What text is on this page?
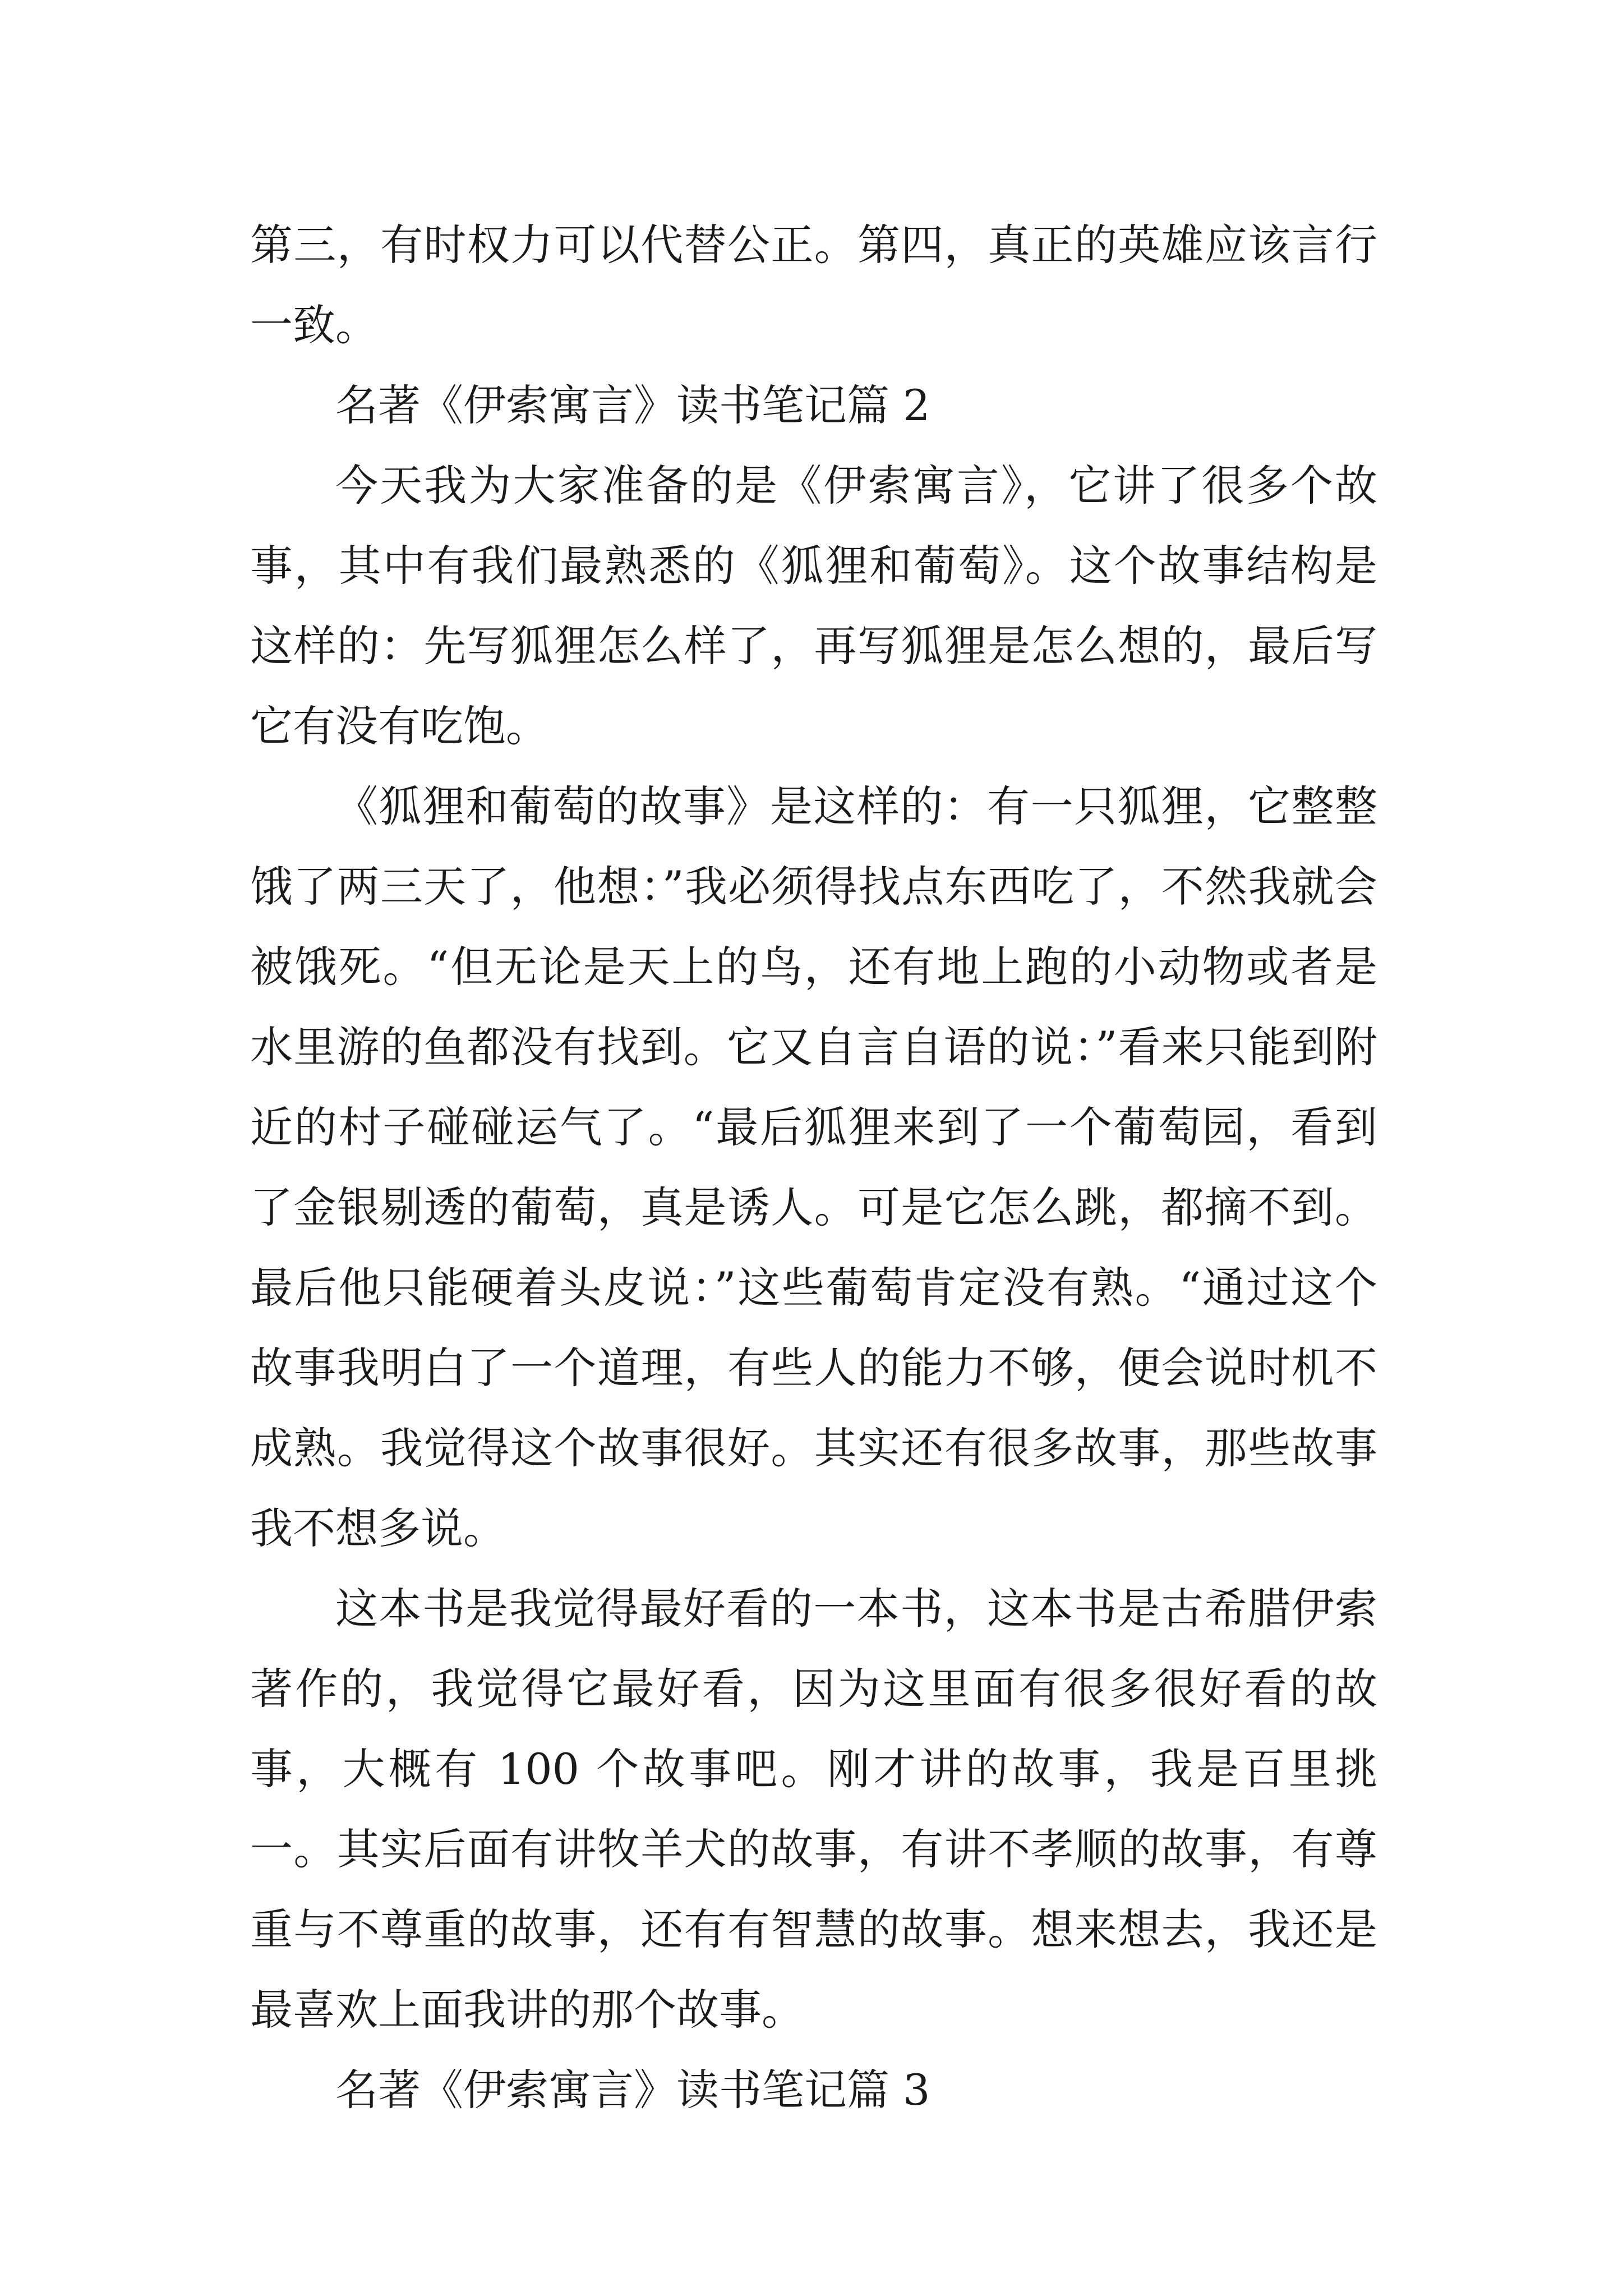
第三，有时权力可以代替公正。第四，真正的英雄应该言行一致。

名著《伊索寓言》读书笔记篇 2

今天我为大家准备的是《伊索寓言》，它讲了很多个故事，其中有我们最熟悉的《狐狸和葡萄》。这个故事结构是这样的：先写狐狸怎么样了，再写狐狸是怎么想的，最后写它有没有吃饱。

《狐狸和葡萄的故事》是这样的：有一只狐狸，它整整饿了两三天了，他想：”我必须得找点东西吃了，不然我就会被饿死。“但无论是天上的鸟，还有地上跑的小动物或者是水里游的鱼都没有找到。它又自言自语的说：”看来只能到附近的村子碰碰运气了。“最后狐狸来到了一个葡萄园，看到了金银剔透的葡萄，真是诱人。可是它怎么跳，都摘不到。最后他只能硬着头皮说：”这些葡萄肯定没有熟。“通过这个故事我明白了一个道理，有些人的能力不够，便会说时机不成熟。我觉得这个故事很好。其实还有很多故事，那些故事我不想多说。

这本书是我觉得最好看的一本书，这本书是古希腊伊索著作的，我觉得它最好看，因为这里面有很多很好看的故事，大概有 100 个故事吧。刚才讲的故事，我是百里挑一。其实后面有讲牧羊犬的故事，有讲不孝顺的故事，有尊重与不尊重的故事，还有有智慧的故事。想来想去，我还是最喜欢上面我讲的那个故事。

名著《伊索寓言》读书笔记篇 3
